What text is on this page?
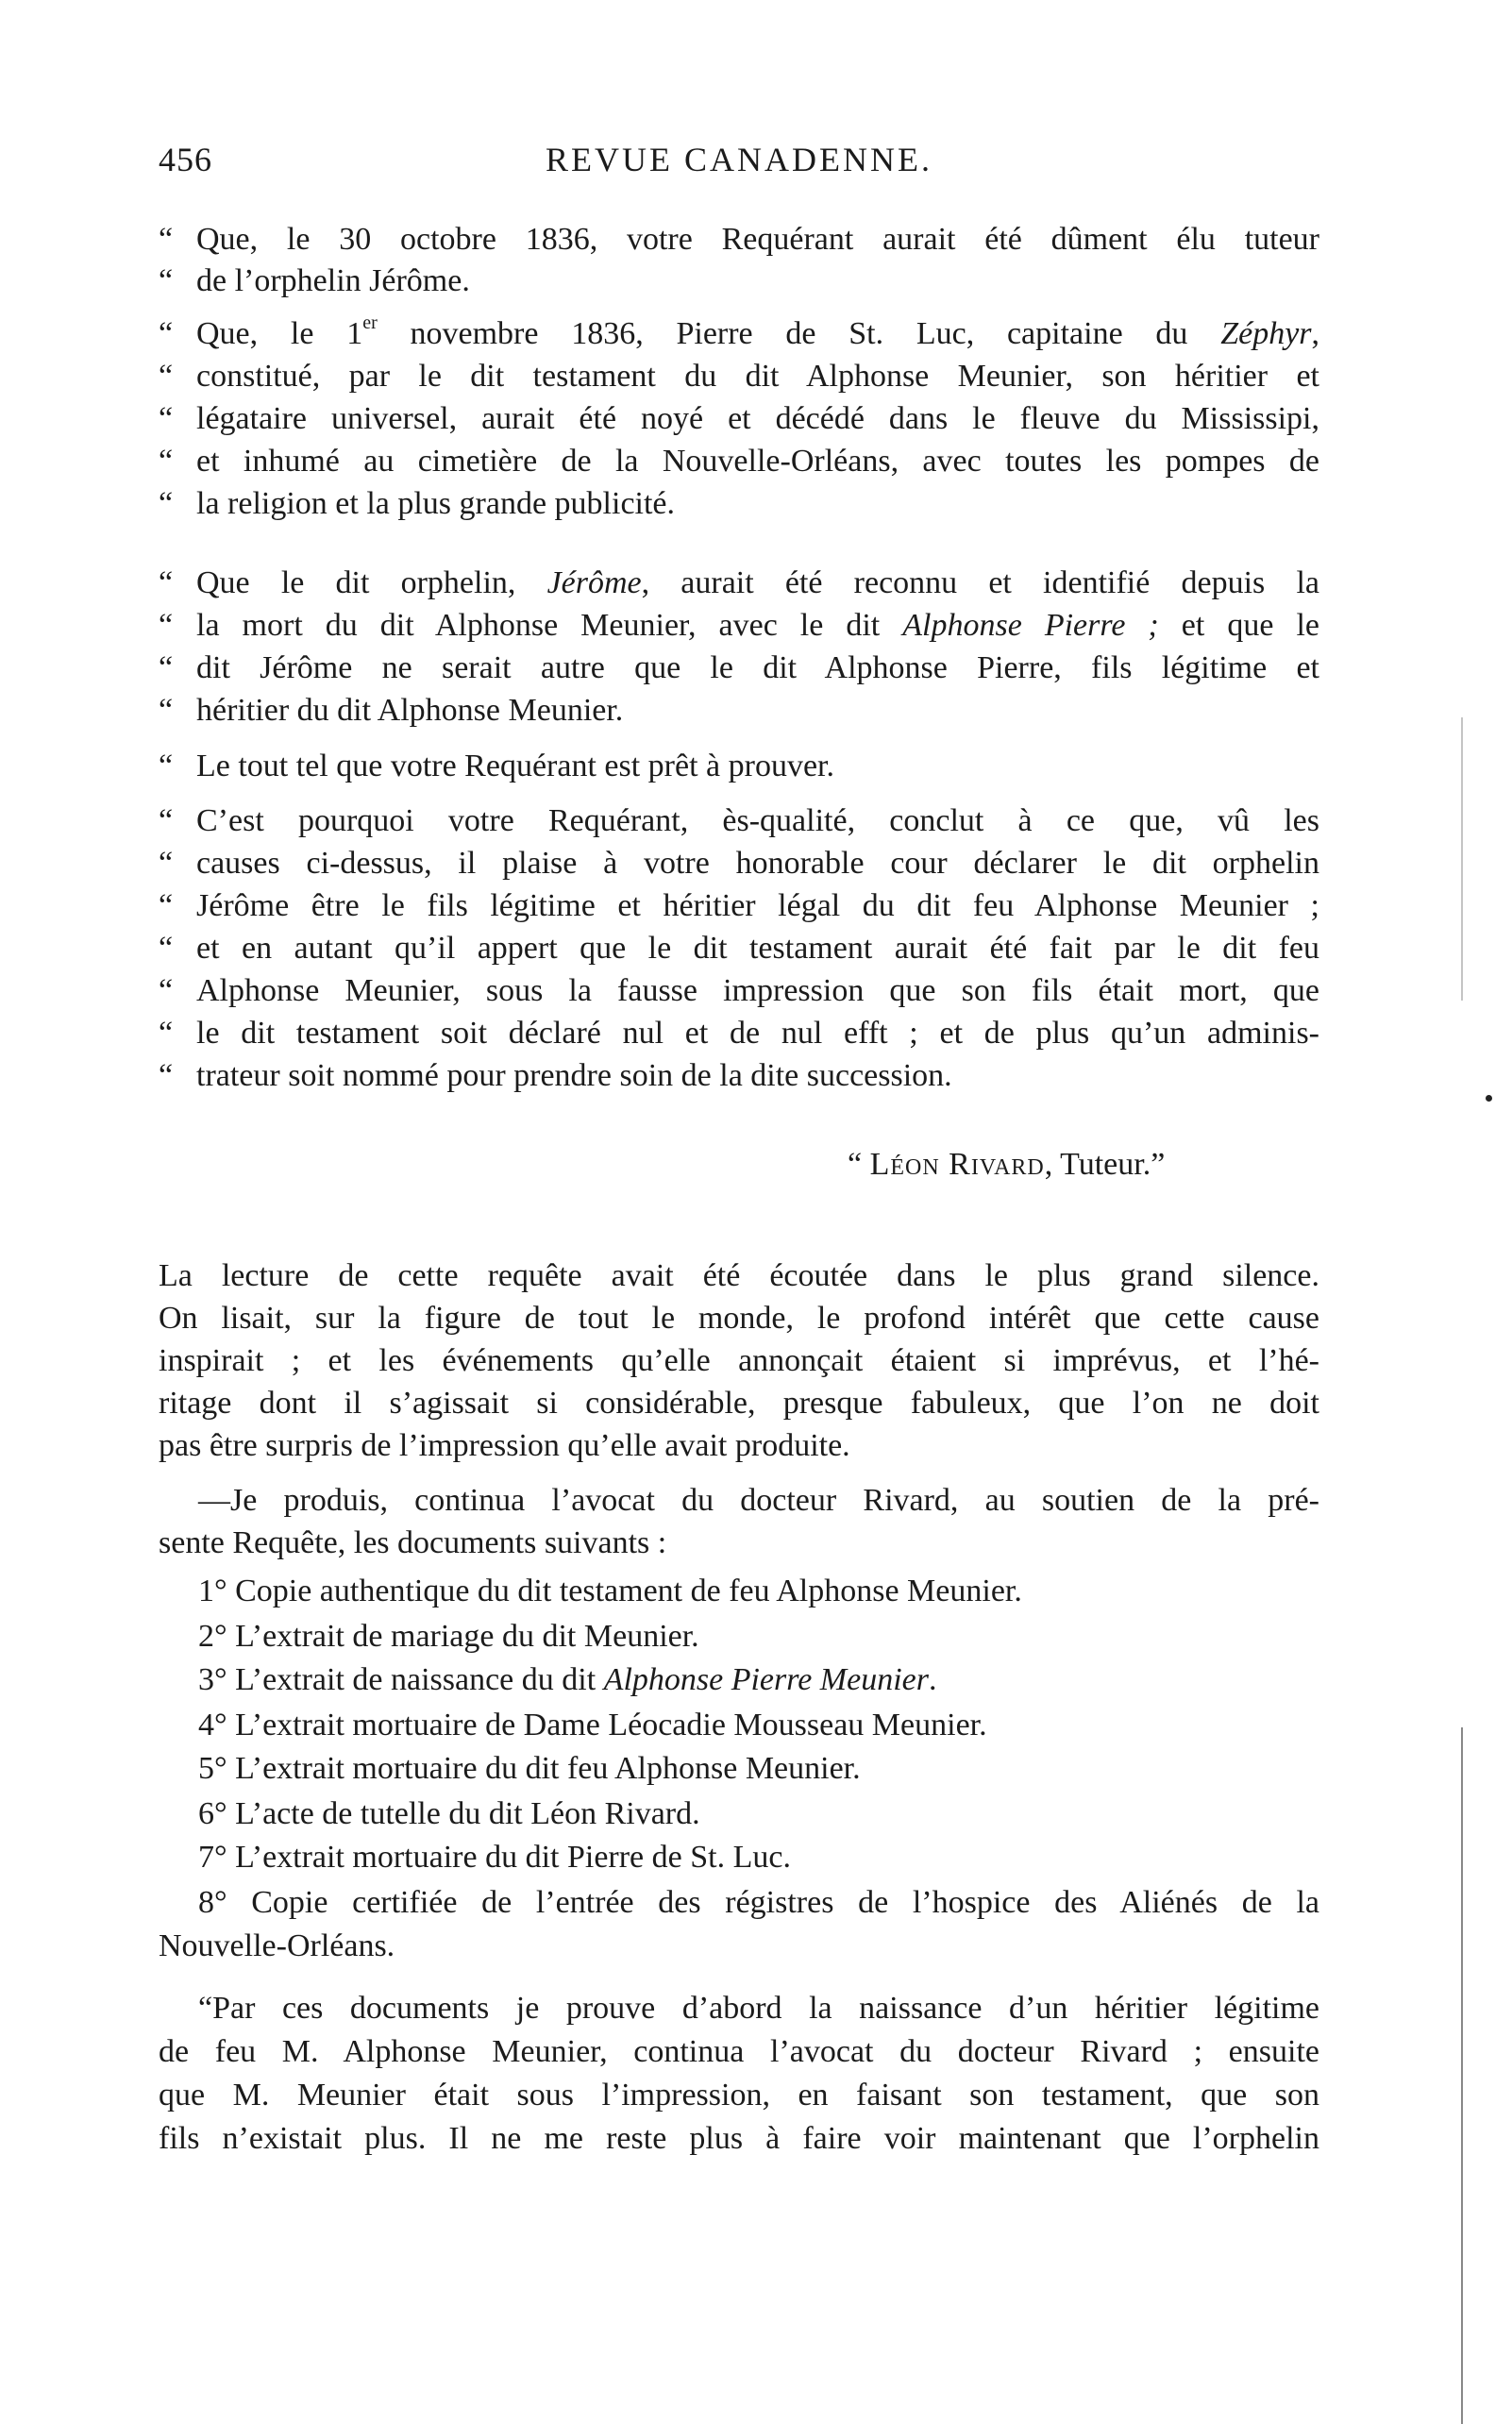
456	REVUE CANADENNE.
“ Que, le 30 octobre 1836, votre Requérant aurait été dûment élu tuteur
“ de l’orphelin Jérôme.
“ Que, le 1er novembre 1836, Pierre de St. Luc, capitaine du Zéphyr,
“ constitué, par le dit testament du dit Alphonse Meunier, son héritier et
“ légataire universel, aurait été noyé et décédé dans le fleuve du Mississipi,
“ et inhumé au cimetière de la Nouvelle-Orléans, avec toutes les pompes de
“ la religion et la plus grande publicité.
“ Que le dit orphelin, Jérôme, aurait été reconnu et identifié depuis la
“ la mort du dit Alphonse Meunier, avec le dit Alphonse Pierre ; et que le
“ dit Jérôme ne serait autre que le dit Alphonse Pierre, fils légitime et
“ héritier du dit Alphonse Meunier.
“ Le tout tel que votre Requérant est prêt à prouver.
“ C’est pourquoi votre Requérant, ès-qualité, conclut à ce que, vû les
“ causes ci-dessus, il plaise à votre honorable cour déclarer le dit orphelin
“ Jérôme être le fils légitime et héritier légal du dit feu Alphonse Meunier ;
“ et en autant qu’il appert que le dit testament aurait été fait par le dit feu
“ Alphonse Meunier, sous la fausse impression que son fils était mort, que
“ le dit testament soit déclaré nul et de nul efft ; et de plus qu’un adminis-
“ trateur soit nommé pour prendre soin de la dite succession.
“ Léon Rivard, Tuteur.”
La lecture de cette requête avait été écoutée dans le plus grand silence.
On lisait, sur la figure de tout le monde, le profond intérêt que cette cause
inspirait ; et les événements qu’elle annonçait étaient si imprévus, et l’hé-
ritage dont il s’agissait si considérable, presque fabuleux, que l’on ne doit
pas être surpris de l’impression qu’elle avait produite.
—Je produis, continua l’avocat du docteur Rivard, au soutien de la pré-
sente Requête, les documents suivants :
1° Copie authentique du dit testament de feu Alphonse Meunier.
2° L’extrait de mariage du dit Meunier.
3° L’extrait de naissance du dit Alphonse Pierre Meunier.
4° L’extrait mortuaire de Dame Léocadie Mousseau Meunier.
5° L’extrait mortuaire du dit feu Alphonse Meunier.
6° L’acte de tutelle du dit Léon Rivard.
7° L’extrait mortuaire du dit Pierre de St. Luc.
8° Copie certifiée de l’entrée des régistres de l’hospice des Aliénés de la
Nouvelle-Orléans.
“Par ces documents je prouve d’abord la naissance d’un héritier légitime
de feu M. Alphonse Meunier, continua l’avocat du docteur Rivard ; ensuite
que M. Meunier était sous l’impression, en faisant son testament, que son
fils n’existait plus. Il ne me reste plus à faire voir maintenant que l’orphelin
